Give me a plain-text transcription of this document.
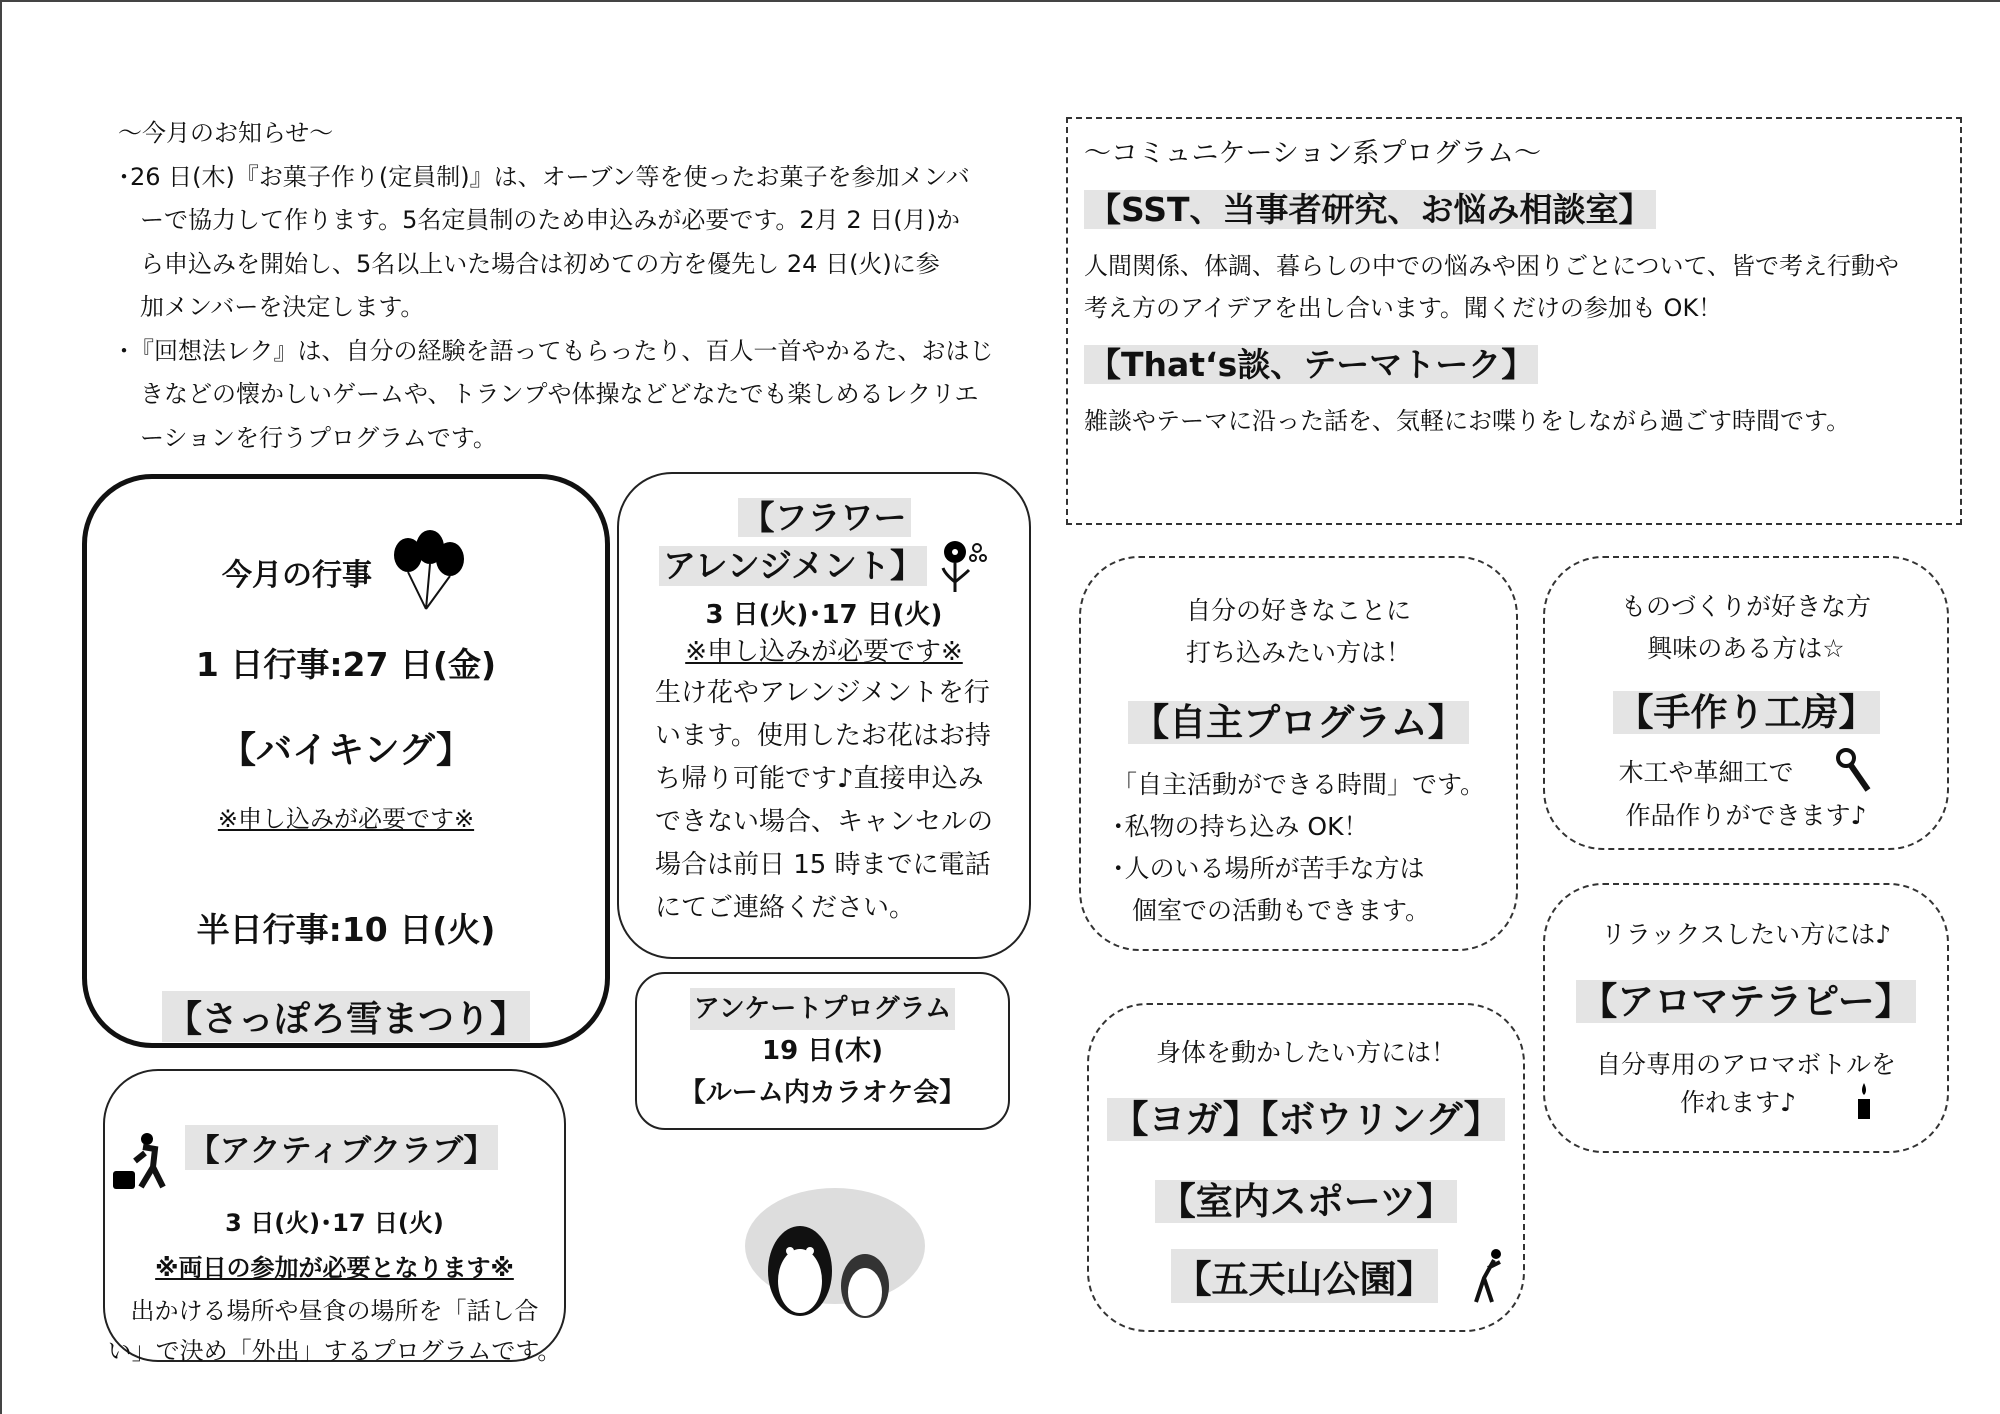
～今月のお知らせ～
･26 日(木)『お菓子作り(定員制)』は、オーブン等を使ったお菓子を参加メンバ
ーで協力して作ります。5名定員制のため申込みが必要です。2月 2 日(月)か
ら申込みを開始し、5名以上いた場合は初めての方を優先し 24 日(火)に参
加メンバーを決定します。
･『回想法レク』は、自分の経験を語ってもらったり、百人一首やかるた、おはじ
きなどの懐かしいゲームや、トランプや体操などどなたでも楽しめるレクリエ
ーションを行うプログラムです。
～コミュニケーション系プログラム～
【SST、当事者研究、お悩み相談室】

人間関係、体調、暮らしの中での悩みや困りごとについて、皆で考え行動や

考え方のアイデアを出し合います。聞くだけの参加も OK！

【That‘s談、テーマトーク】

雑談やテーマに沿った話を、気軽にお喋りをしながら過ごす時間です。

今月の行事
1 日行事:27 日(金)
【バイキング】
※申し込みが必要です※
半日行事:10 日(火)
【さっぽろ雪まつり】
【フラワー
アレンジメント】
3 日(火)･17 日(火)
※申し込みが必要です※
生け花やアレンジメントを行
います。使用したお花はお持
ち帰り可能です♪直接申込み
できない場合、キャンセルの
場合は前日 15 時までに電話
にてご連絡ください。
アンケートプログラム
19 日(木)
【ルーム内カラオケ会】
【アクティブクラブ】
3 日(火)･17 日(火)
※両日の参加が必要となります※
出かける場所や昼食の場所を「話し合
い」で決め「外出」するプログラムです。
自分の好きなことに
打ち込みたい方は！
【自主プログラム】
「自主活動ができる時間」です。
･私物の持ち込み OK！
･人のいる場所が苦手な方は
個室での活動もできます。
ものづくりが好きな方
興味のある方は☆
【手作り工房】
木工や革細工で
作品作りができます♪
リラックスしたい方には♪
【アロマテラピー】
自分専用のアロマボトルを
作れます♪
身体を動かしたい方には！
【ヨガ】【ボウリング】
【室内スポーツ】
【五天山公園】
